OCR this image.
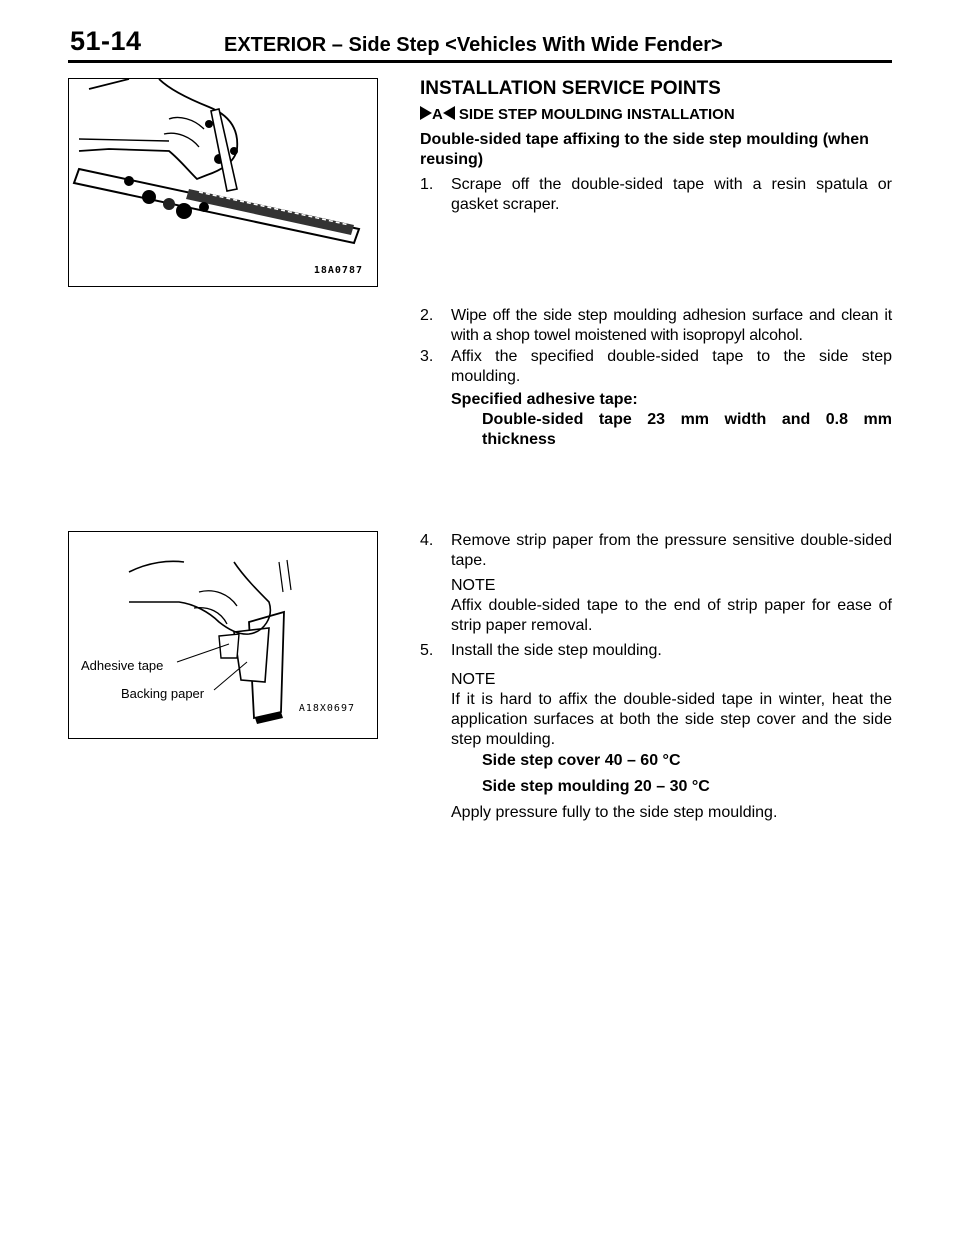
51-14	EXTERIOR – Side Step <Vehicles With Wide Fender>
18A0787
Adhesive tape
Backing paper
A18X0697
INSTALLATION SERVICE POINTS
A SIDE STEP MOULDING INSTALLATION
Double-sided tape affixing to the side step moulding (when reusing)
1. Scrape off the double-sided tape with a resin spatula or gasket scraper.
2. Wipe off the side step moulding adhesion surface and clean it with a shop towel moistened with isopropyl alcohol.
3. Affix the specified double-sided tape to the side step moulding.
Specified adhesive tape:
Double-sided tape 23 mm width and 0.8 mm thickness
4. Remove strip paper from the pressure sensitive double-sided tape.
NOTE
Affix double-sided tape to the end of strip paper for ease of strip paper removal.
5. Install the side step moulding.
NOTE
If it is hard to affix the double-sided tape in winter, heat the application surfaces at both the side step cover and the side step moulding.
Side step cover 40 – 60 °C
Side step moulding 20 – 30 °C
Apply pressure fully to the side step moulding.
